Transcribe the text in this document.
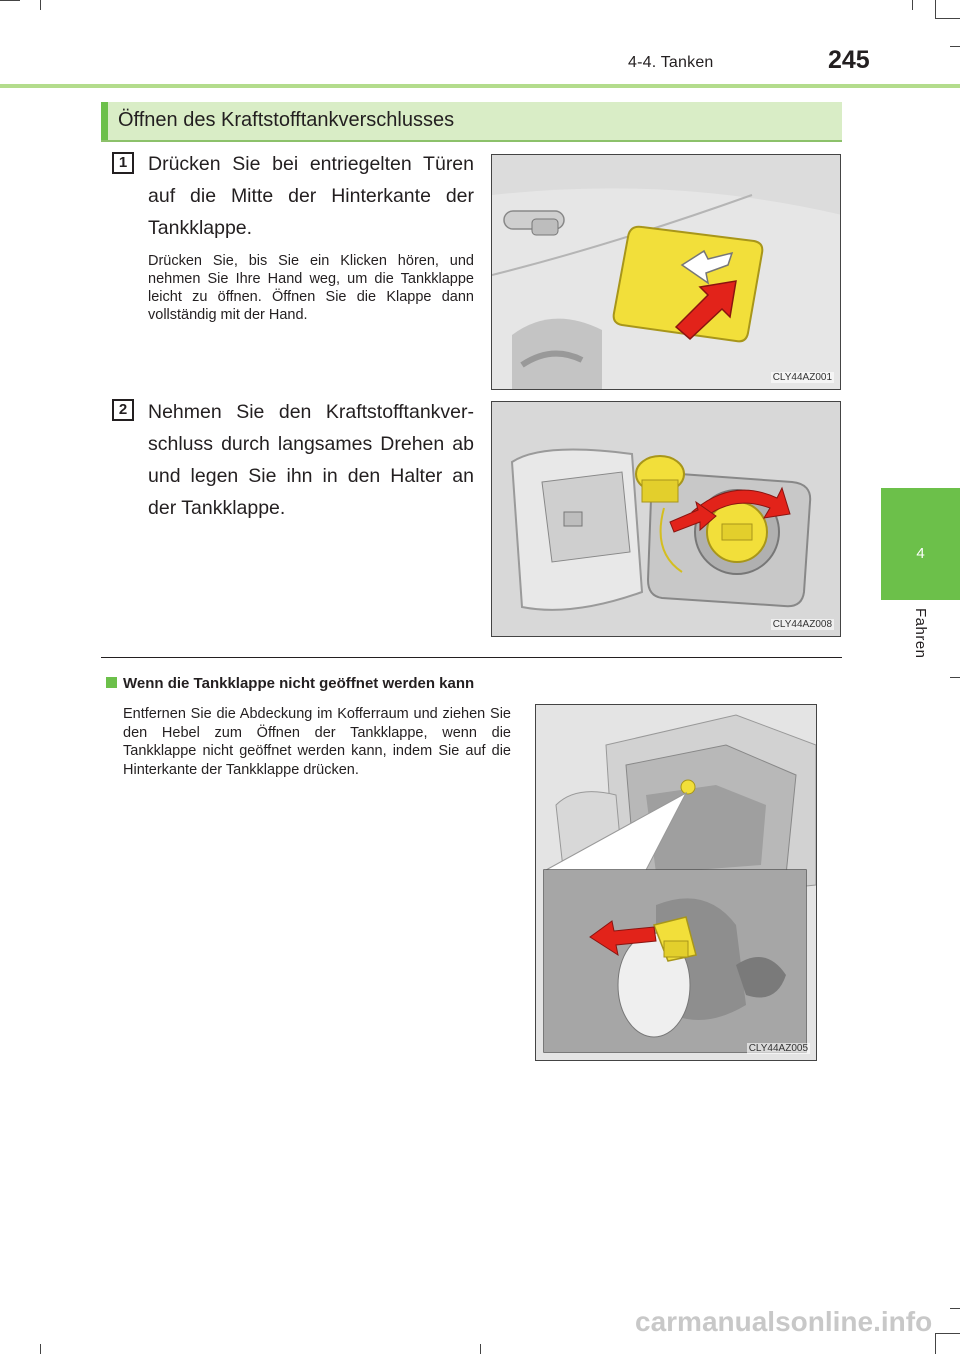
4-4. Tanken	245
4
Fahren
Öffnen des Kraftstofftankverschlusses
1	Drücken Sie bei entriegelten Türen auf die Mitte der Hinterkante der Tankklappe.
Drücken Sie, bis Sie ein Klicken hören, und nehmen Sie Ihre Hand weg, um die Tankklappe leicht zu öffnen. Öffnen Sie die Klappe dann vollständig mit der Hand.
CLY44AZ001
2	Nehmen Sie den Kraftstofftankver- schluss durch langsames Drehen ab und legen Sie ihn in den Halter an der Tankklappe.
CLY44AZ008
Wenn die Tankklappe nicht geöffnet werden kann
Entfernen Sie die Abdeckung im Kofferraum und ziehen Sie den Hebel zum Öffnen der Tankklappe, wenn die Tankklappe nicht geöffnet werden kann, indem Sie auf die Hinterkante der Tankklappe drücken.
CLY44AZ005
carmanualsonline.info
